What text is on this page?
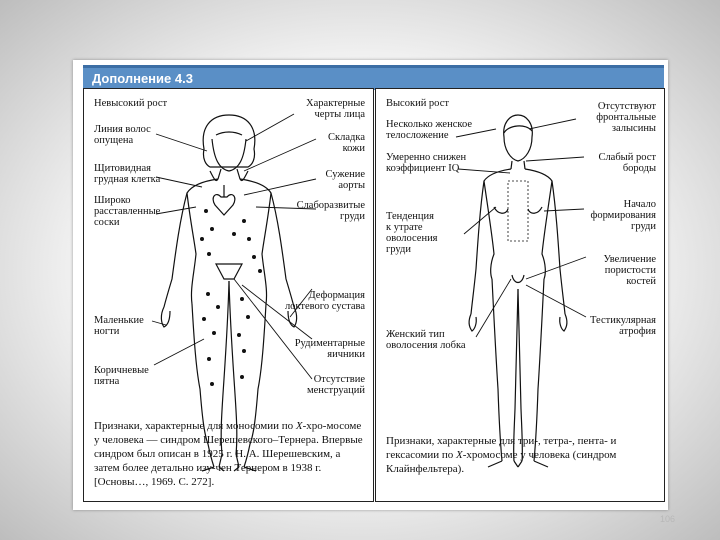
Дополнение 4.3
Невысокий рост	Характерные
черты лица
Линия волос
опущена	Складка
кожи
Щитовидная
грудная клетка	Сужение
аорты
Широко
расставленные
соски
Слаборазвитые
груди
Деформация
локтевого сустава
Маленькие
ногти
Рудиментарные
яичники
Коричневые
пятна	Отсутствие
менструаций
Признаки, характерные для моносомии по X-хро-мосоме у человека — синдром Шерешевского–Тернера. Впервые синдром был описан в 1925 г. Н. А. Шерешевским, а затем более детально изу-чен Тернером в 1938 г. [Основы…, 1969. С. 272].
Высокий рост
Несколько женское
телосложение
Умеренно снижен
коэффициент IQ
Отсутствуют
фронтальные
залысины
Слабый рост
бороды
Начало
формирования
груди
Тенденция
к утрате
оволосения
груди
Увеличение
пористости
костей
Тестикулярная
атрофия
Женский тип
оволосения лобка
Признаки, характерные для три-, тетра-, пента- и гексасомии по X-хромосоме у человека (синдром Клайнфельтера).
106
